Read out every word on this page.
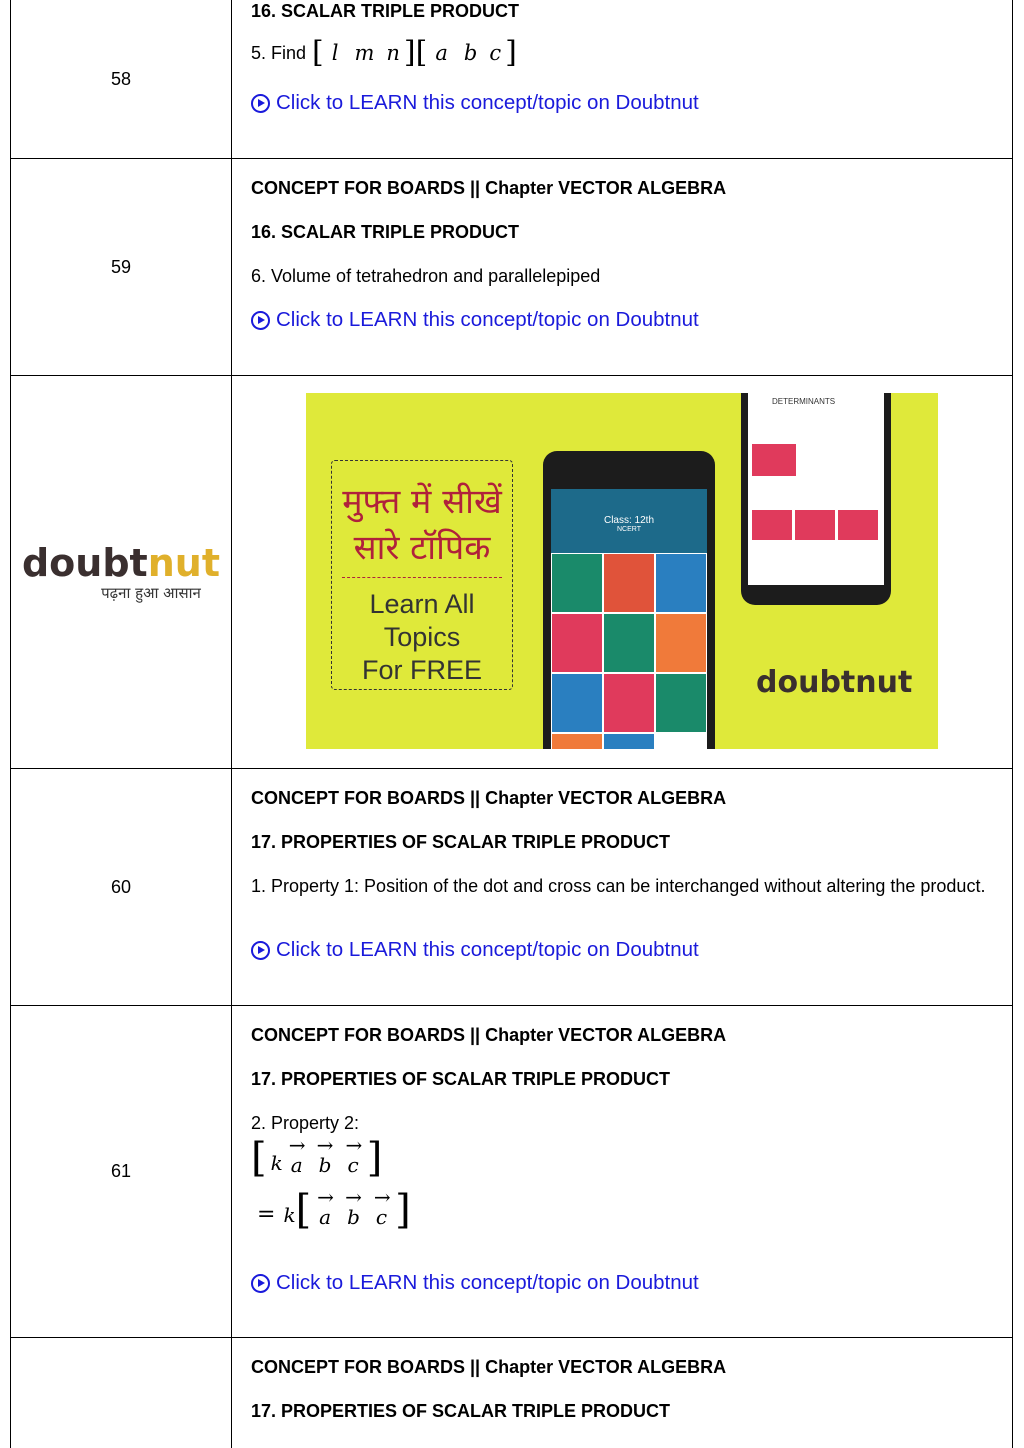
58
16. SCALAR TRIPLE PRODUCT
5. Find [ l m n ][ a b c ]
Click to LEARN this concept/topic on Doubtnut
59
CONCEPT FOR BOARDS || Chapter VECTOR ALGEBRA
16. SCALAR TRIPLE PRODUCT
6. Volume of tetrahedron and parallelepiped
Click to LEARN this concept/topic on Doubtnut
doubtnut
पढ़ना हुआ आसान
मुफ्त में सीखें
सारे टॉपिक
Learn All
Topics
For FREE
Class: 12th
NCERT
DETERMINANTS
doubtnut
60
CONCEPT FOR BOARDS || Chapter VECTOR ALGEBRA
17. PROPERTIES OF SCALAR TRIPLE PRODUCT
1. Property 1: Position of the dot and cross can be interchanged without altering the product.
Click to LEARN this concept/topic on Doubtnut
61
CONCEPT FOR BOARDS || Chapter VECTOR ALGEBRA
17. PROPERTIES OF SCALAR TRIPLE PRODUCT
2. Property 2:
[ k → a → b → c ]
= k [ → a → b → c ]
Click to LEARN this concept/topic on Doubtnut
CONCEPT FOR BOARDS || Chapter VECTOR ALGEBRA
17. PROPERTIES OF SCALAR TRIPLE PRODUCT
